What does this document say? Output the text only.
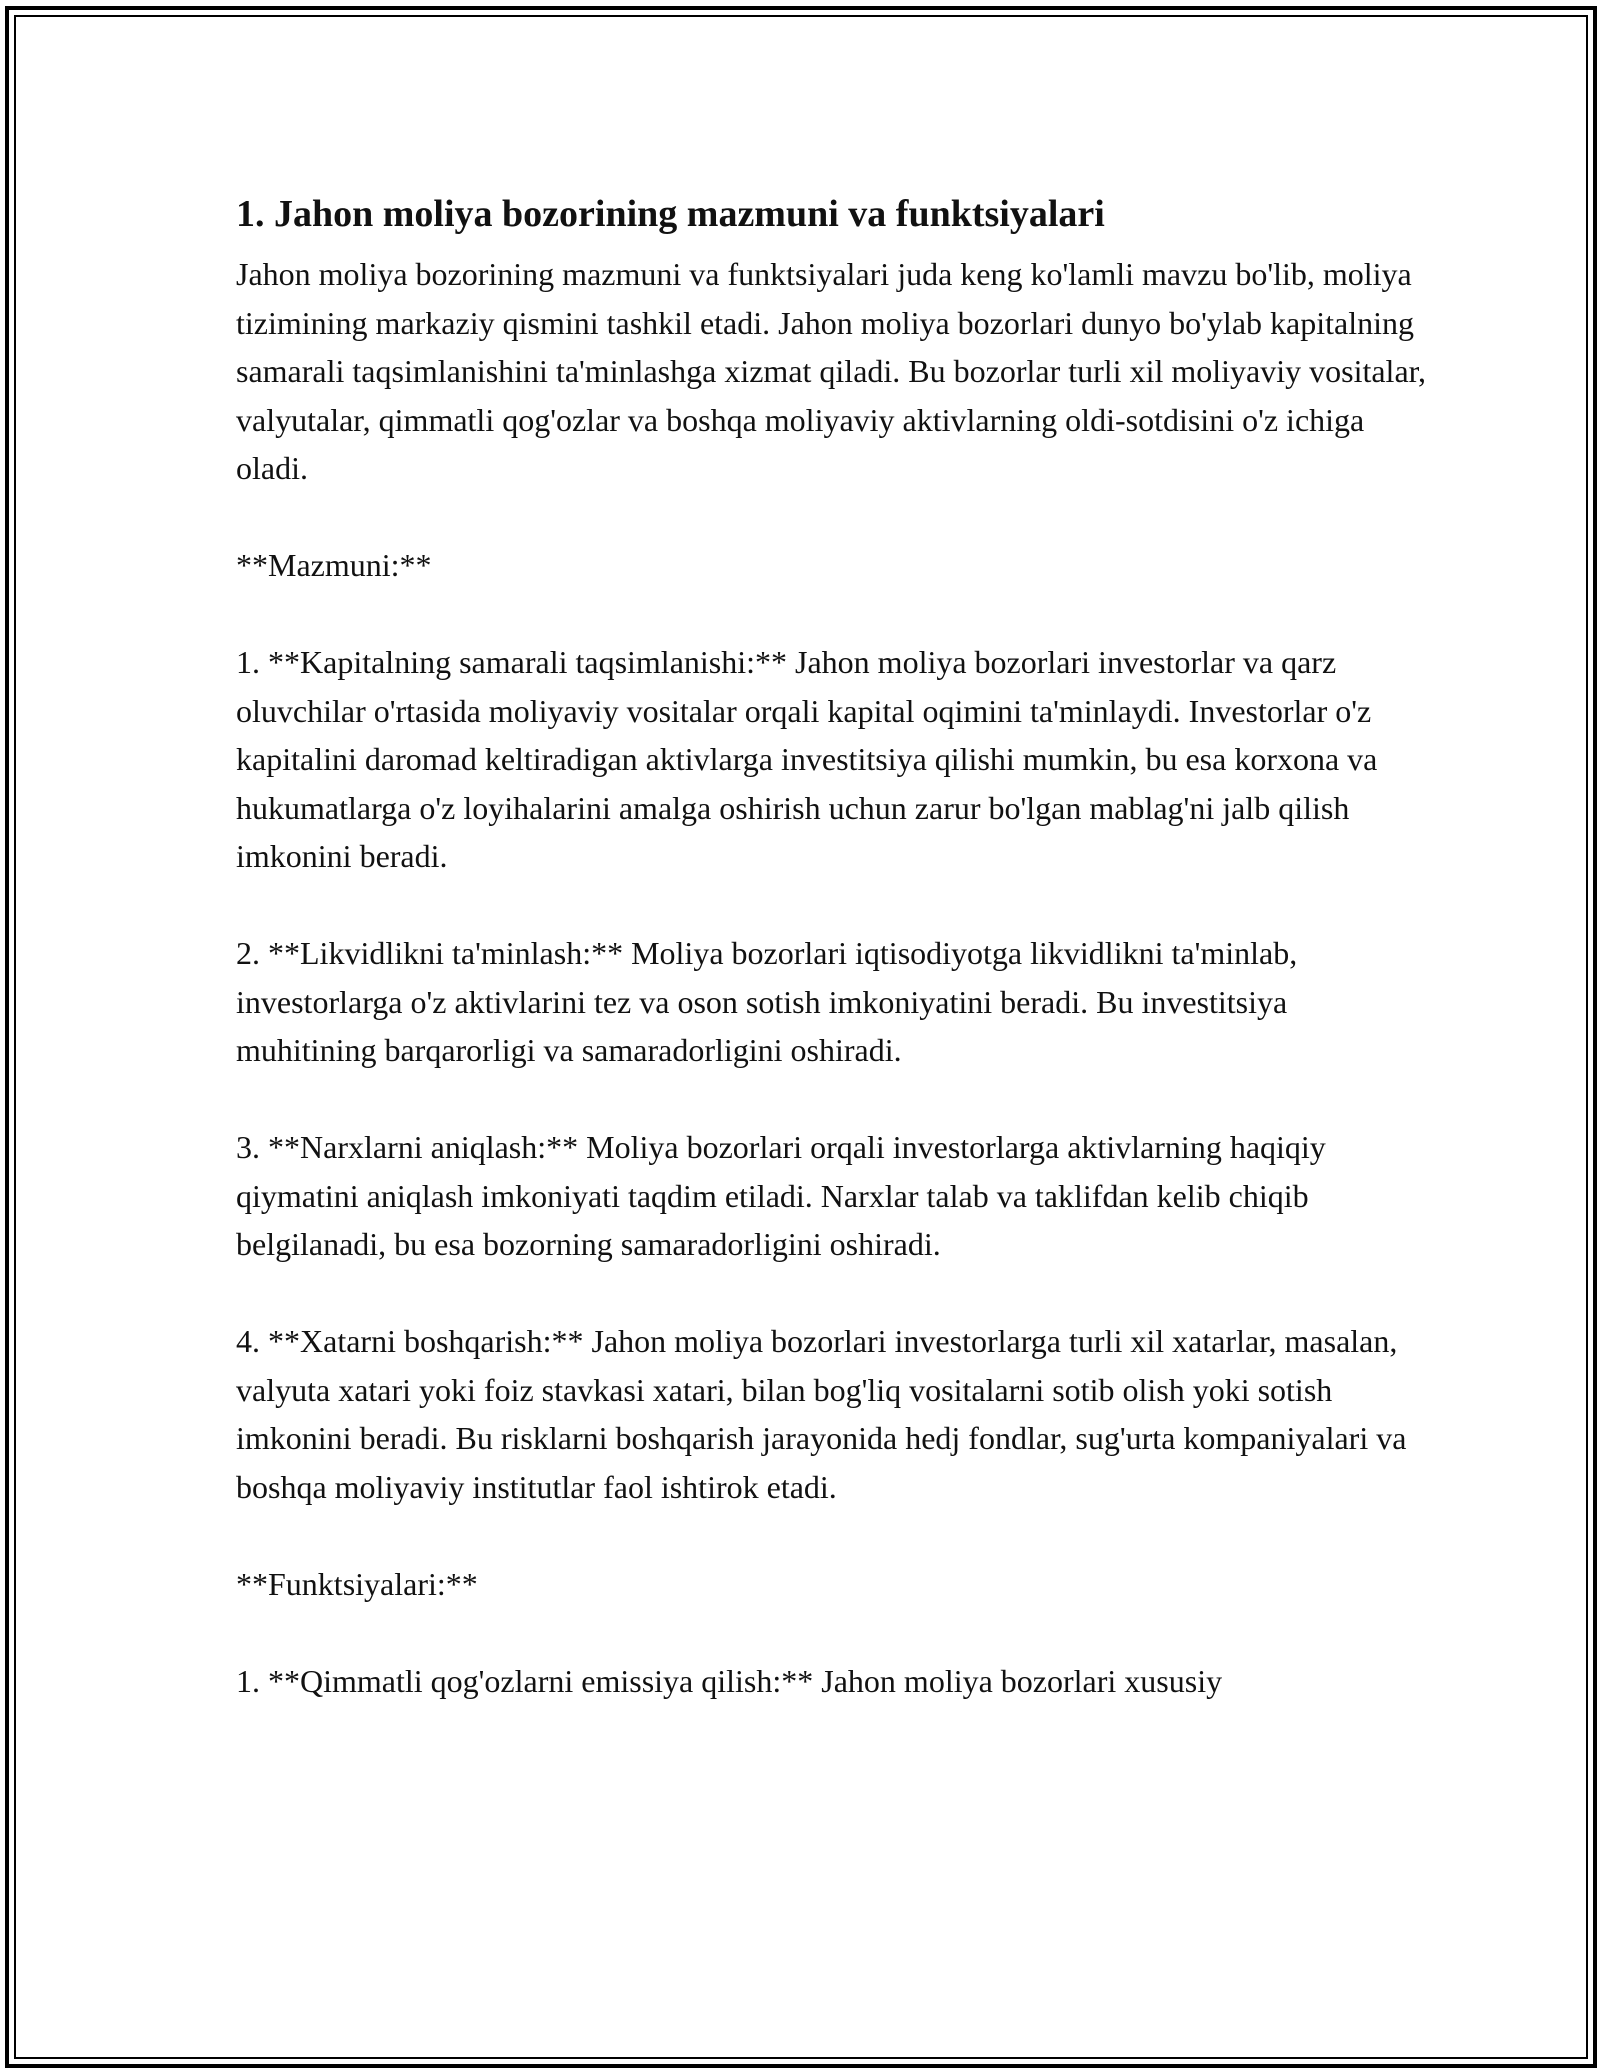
1. Jahon moliya bozorining mazmuni va funktsiyalari

Jahon moliya bozorining mazmuni va funktsiyalari juda keng ko'lamli mavzu bo'lib, moliya tizimining markaziy qismini tashkil etadi. Jahon moliya bozorlari dunyo bo'ylab kapitalning samarali taqsimlanishini ta'minlashga xizmat qiladi. Bu bozorlar turli xil moliyaviy vositalar, valyutalar, qimmatli qog'ozlar va boshqa moliyaviy aktivlarning oldi-sotdisini o'z ichiga oladi.

**Mazmuni:**

1. **Kapitalning samarali taqsimlanishi:** Jahon moliya bozorlari investorlar va qarz oluvchilar o'rtasida moliyaviy vositalar orqali kapital oqimini ta'minlaydi. Investorlar o'z kapitalini daromad keltiradigan aktivlarga investitsiya qilishi mumkin, bu esa korxona va hukumatlarga o'z loyihalarini amalga oshirish uchun zarur bo'lgan mablag'ni jalb qilish imkonini beradi.

2. **Likvidlikni ta'minlash:** Moliya bozorlari iqtisodiyotga likvidlikni ta'minlab, investorlarga o'z aktivlarini tez va oson sotish imkoniyatini beradi. Bu investitsiya muhitining barqarorligi va samaradorligini oshiradi.

3. **Narxlarni aniqlash:** Moliya bozorlari orqali investorlarga aktivlarning haqiqiy qiymatini aniqlash imkoniyati taqdim etiladi. Narxlar talab va taklifdan kelib chiqib belgilanadi, bu esa bozorning samaradorligini oshiradi.

4. **Xatarni boshqarish:** Jahon moliya bozorlari investorlarga turli xil xatarlar, masalan, valyuta xatari yoki foiz stavkasi xatari, bilan bog'liq vositalarni sotib olish yoki sotish imkonini beradi. Bu risklarni boshqarish jarayonida hedj fondlar, sug'urta kompaniyalari va boshqa moliyaviy institutlar faol ishtirok etadi.

**Funktsiyalari:**

1. **Qimmatli qog'ozlarni emissiya qilish:** Jahon moliya bozorlari xususiy
